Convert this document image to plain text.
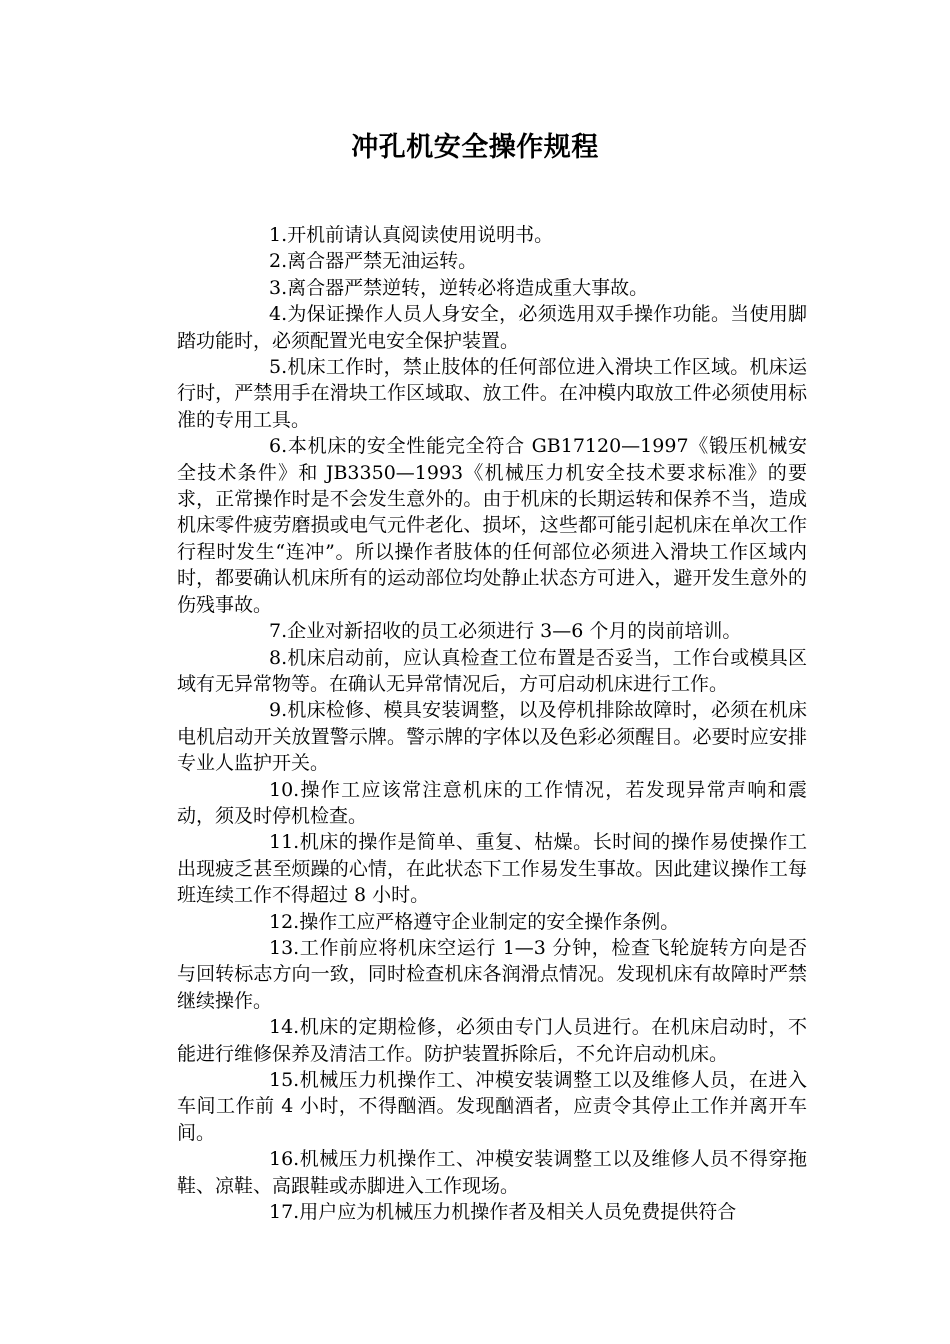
冲孔机安全操作规程

1.开机前请认真阅读使用说明书。

2.离合器严禁无油运转。

3.离合器严禁逆转，逆转必将造成重大事故。

4.为保证操作人员人身安全，必须选用双手操作功能。当使用脚踏功能时，必须配置光电安全保护装置。

5.机床工作时，禁止肢体的任何部位进入滑块工作区域。机床运行时，严禁用手在滑块工作区域取、放工件。在冲模内取放工件必须使用标准的专用工具。

6.本机床的安全性能完全符合 GB17120—1997《锻压机械安全技术条件》和 JB3350—1993《机械压力机安全技术要求标准》的要求，正常操作时是不会发生意外的。由于机床的长期运转和保养不当，造成机床零件疲劳磨损或电气元件老化、损坏，这些都可能引起机床在单次工作行程时发生“连冲”。所以操作者肢体的任何部位必须进入滑块工作区域内时，都要确认机床所有的运动部位均处静止状态方可进入，避开发生意外的伤残事故。

7.企业对新招收的员工必须进行 3—6 个月的岗前培训。

8.机床启动前，应认真检查工位布置是否妥当，工作台或模具区域有无异常物等。在确认无异常情况后，方可启动机床进行工作。

9.机床检修、模具安装调整，以及停机排除故障时，必须在机床电机启动开关放置警示牌。警示牌的字体以及色彩必须醒目。必要时应安排专业人监护开关。

10.操作工应该常注意机床的工作情况，若发现异常声响和震动，须及时停机检查。

11.机床的操作是简单、重复、枯燥。长时间的操作易使操作工出现疲乏甚至烦躁的心情，在此状态下工作易发生事故。因此建议操作工每班连续工作不得超过 8 小时。

12.操作工应严格遵守企业制定的安全操作条例。

13.工作前应将机床空运行 1—3 分钟，检查飞轮旋转方向是否与回转标志方向一致，同时检查机床各润滑点情况。发现机床有故障时严禁继续操作。

14.机床的定期检修，必须由专门人员进行。在机床启动时，不能进行维修保养及清洁工作。防护装置拆除后，不允许启动机床。

15.机械压力机操作工、冲模安装调整工以及维修人员，在进入车间工作前 4 小时，不得酗酒。发现酗酒者，应责令其停止工作并离开车间。

16.机械压力机操作工、冲模安装调整工以及维修人员不得穿拖鞋、凉鞋、高跟鞋或赤脚进入工作现场。

17.用户应为机械压力机操作者及相关人员免费提供符合
